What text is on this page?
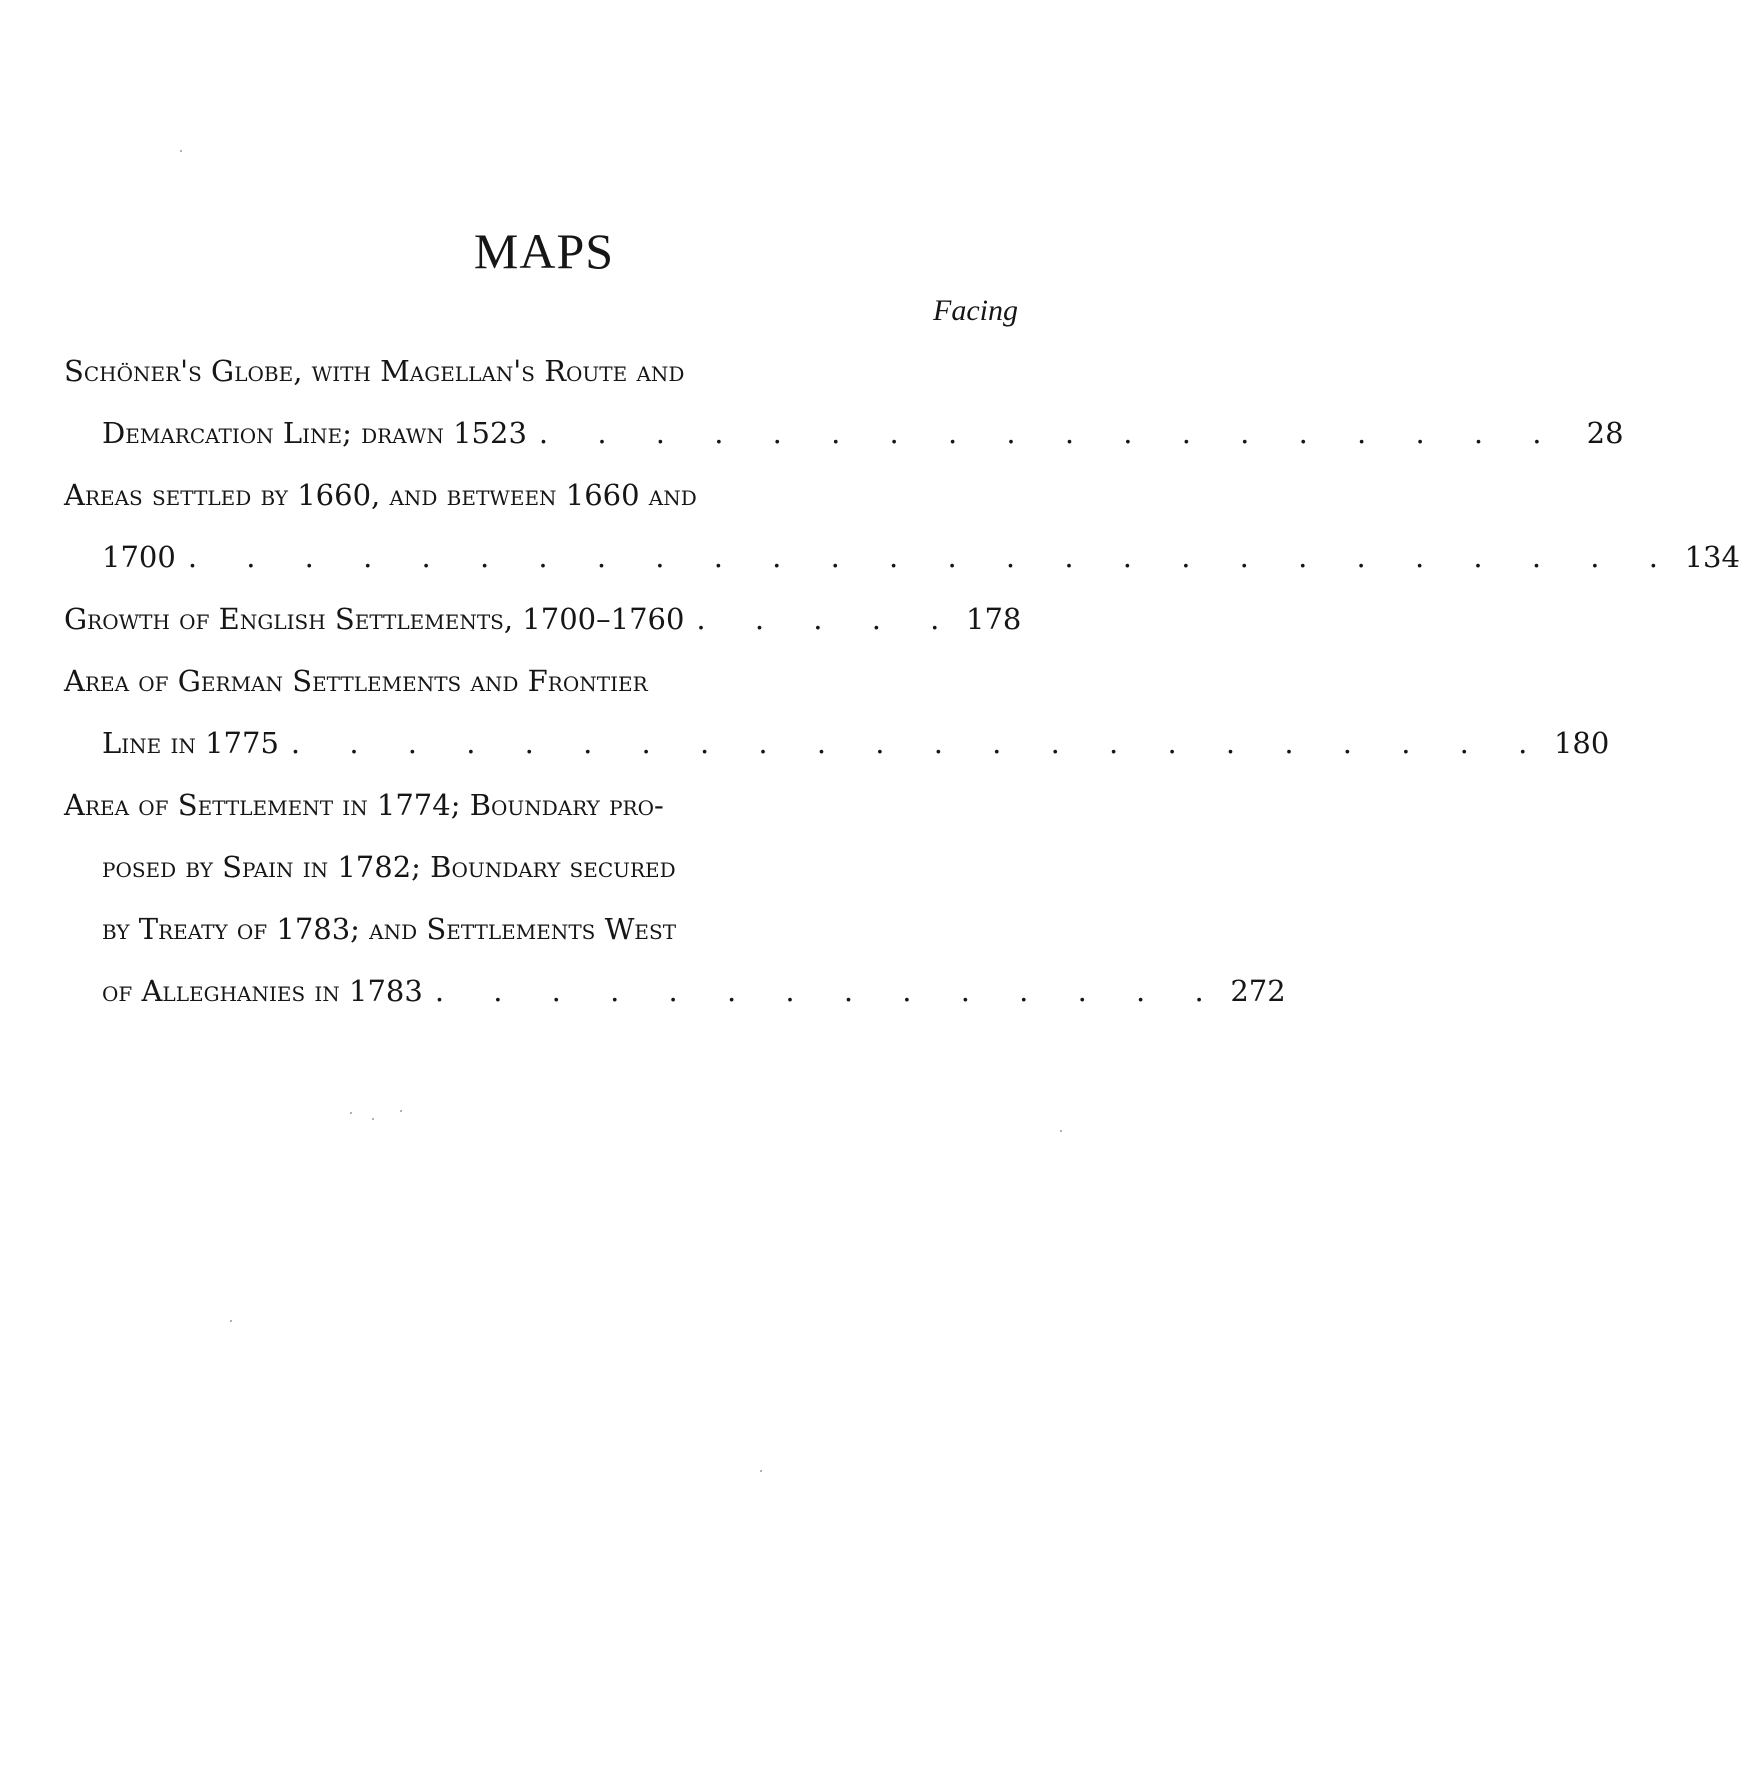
MAPS
Facing
Schöner's Globe, with Magellan's Route and
Demarcation Line; drawn 1523 . . . . . . . . . . . . . . . . . . 28
Areas settled by 1660, and between 1660 and
1700 . . . . . . . . . . . . . . . . . . . . . . . . . . 134
Growth of English Settlements, 1700–1760 . . . . . 178
Area of German Settlements and Frontier
Line in 1775 . . . . . . . . . . . . . . . . . . . . . . 180
Area of Settlement in 1774; Boundary pro-
posed by Spain in 1782; Boundary secured
by Treaty of 1783; and Settlements West
of Alleghanies in 1783 . . . . . . . . . . . . . . 272
